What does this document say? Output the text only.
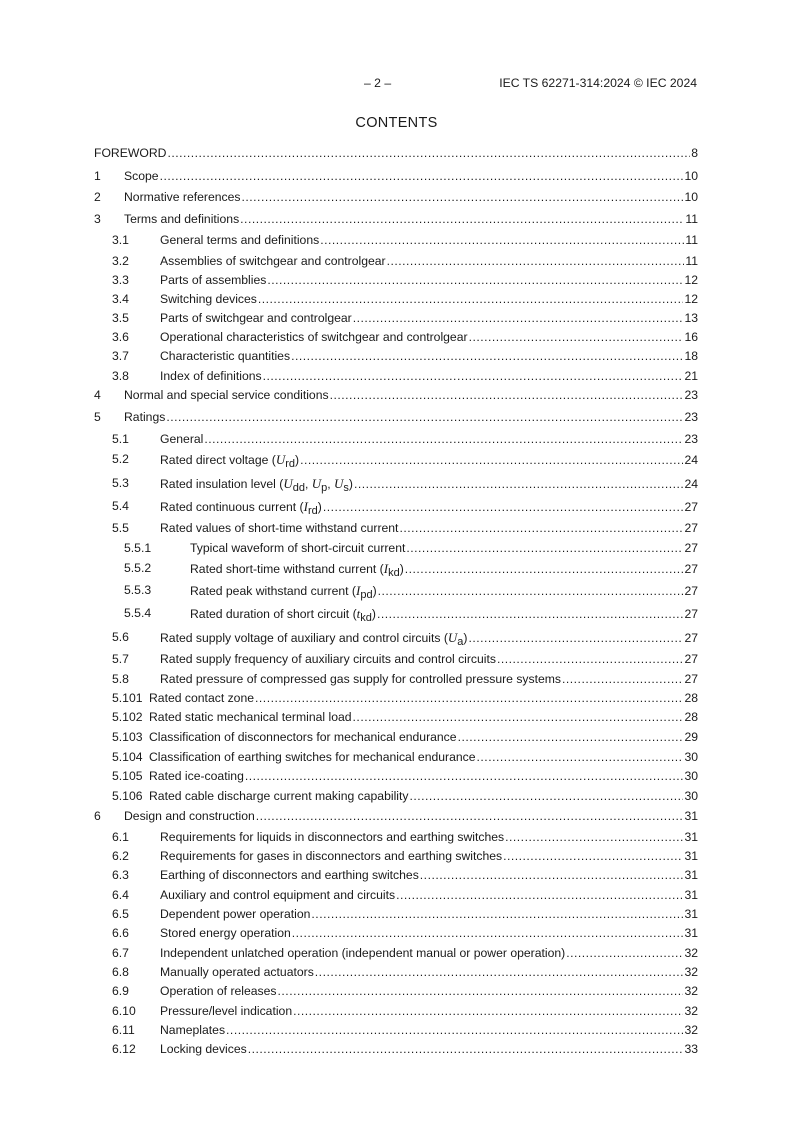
– 2 –	IEC TS 62271-314:2024 © IEC 2024
CONTENTS
FOREWORD .....	8
1 Scope .....	10
2 Normative references .....	10
3 Terms and definitions .....	11
3.1	General terms and definitions .....	11
3.2	Assemblies of switchgear and controlgear .....	11
3.3	Parts of assemblies .....	12
3.4	Switching devices .....	12
3.5	Parts of switchgear and controlgear .....	13
3.6	Operational characteristics of switchgear and controlgear .....	16
3.7	Characteristic quantities .....	18
3.8	Index of definitions .....	21
4 Normal and special service conditions .....	23
5 Ratings .....	23
5.1	General .....	23
5.2	Rated direct voltage $(U_{rd})$ .....	24
5.3	Rated insulation level ($U_{dd}$, $U_p$, $U_s$) .....	24
5.4	Rated continuous current $(I_{rd})$ .....	27
5.5	Rated values of short-time withstand current .....	27
5.5.1	Typical waveform of short-circuit current .....	27
5.5.2	Rated short-time withstand current $(I_{kd})$ .....	27
5.5.3	Rated peak withstand current $(I_{pd})$ .....	27
5.5.4	Rated duration of short circuit $(t_{kd})$ .....	27
5.6	Rated supply voltage of auxiliary and control circuits $(U_a)$ .....	27
5.7	Rated supply frequency of auxiliary circuits and control circuits .....	27
5.8	Rated pressure of compressed gas supply for controlled pressure systems .....	27
5.101 Rated contact zone .....	28
5.102 Rated static mechanical terminal load .....	28
5.103 Classification of disconnectors for mechanical endurance .....	29
5.104 Classification of earthing switches for mechanical endurance .....	30
5.105 Rated ice-coating .....	30
5.106 Rated cable discharge current making capability .....	30
6 Design and construction .....	31
6.1	Requirements for liquids in disconnectors and earthing switches .....	31
6.2	Requirements for gases in disconnectors and earthing switches .....	31
6.3	Earthing of disconnectors and earthing switches .....	31
6.4	Auxiliary and control equipment and circuits .....	31
6.5	Dependent power operation .....	31
6.6	Stored energy operation .....	31
6.7	Independent unlatched operation (independent manual or power operation) .....	32
6.8	Manually operated actuators .....	32
6.9	Operation of releases .....	32
6.10 Pressure/level indication .....	32
6.11 Nameplates .....	32
6.12 Locking devices .....	33
